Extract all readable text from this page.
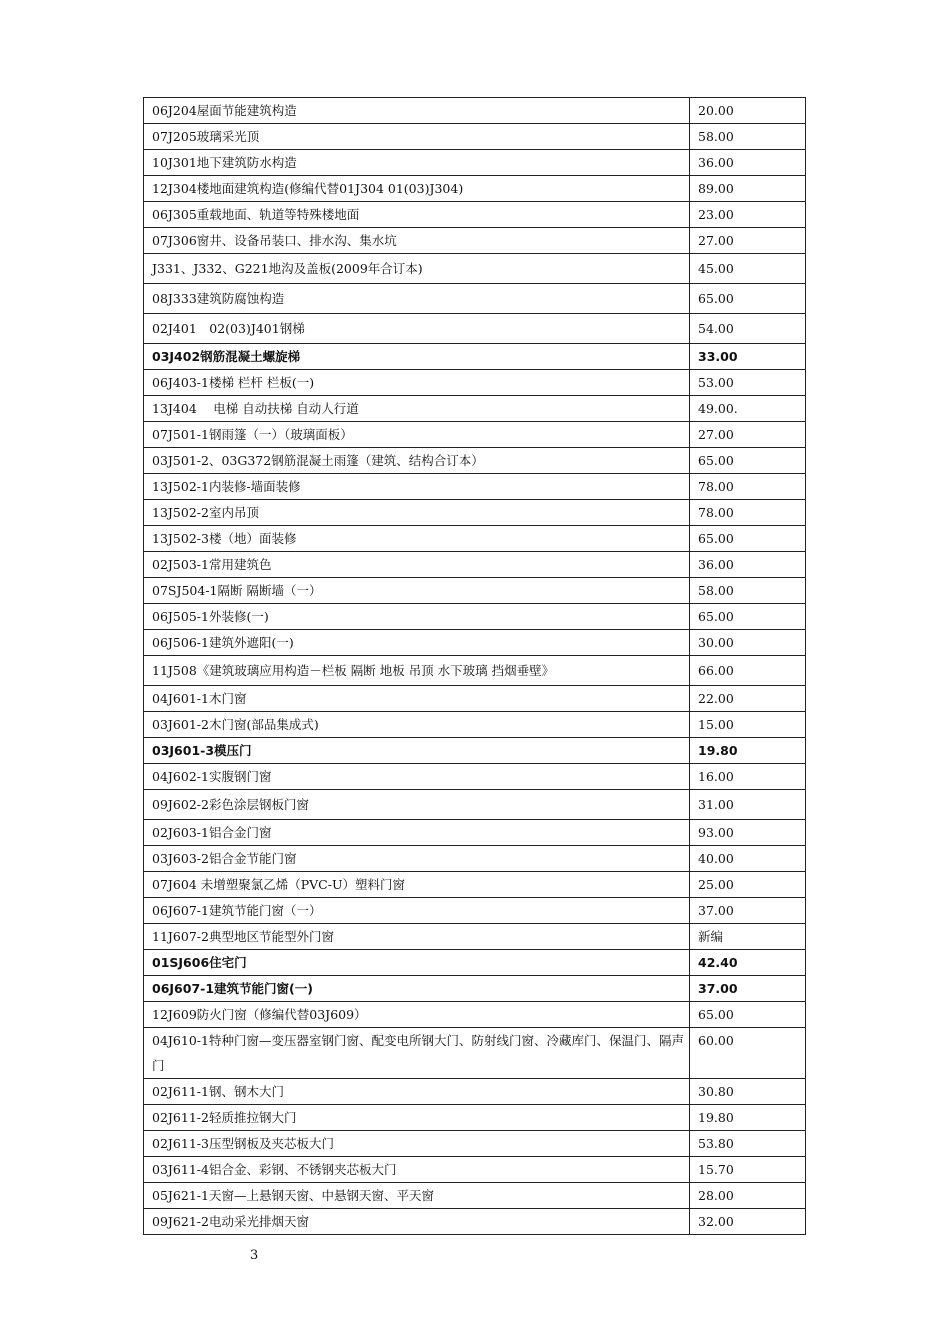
06J204屋面节能建筑构造	20.00
07J205玻璃采光顶	58.00
10J301地下建筑防水构造	36.00
12J304楼地面建筑构造(修编代替01J304 01(03)J304)	89.00
06J305重载地面、轨道等特殊楼地面	23.00
07J306窗井、设备吊装口、排水沟、集水坑	27.00
J331、J332、G221地沟及盖板(2009年合订本)	45.00
08J333建筑防腐蚀构造	65.00
02J401　02(03)J401钢梯	54.00
03J402钢筋混凝土螺旋梯	33.00
06J403-1楼梯 栏杆 栏板(一)	53.00
13J404　 电梯 自动扶梯 自动人行道	49.00.
07J501-1钢雨篷（一）（玻璃面板）	27.00
03J501-2、03G372钢筋混凝土雨篷（建筑、结构合订本）	65.00
13J502-1内装修-墙面装修	78.00
13J502-2室内吊顶	78.00
13J502-3楼（地）面装修	65.00
02J503-1常用建筑色	36.00
07SJ504-1隔断 隔断墙（一）	58.00
06J505-1外装修(一)	65.00
06J506-1建筑外遮阳(一)	30.00
11J508《建筑玻璃应用构造－栏板 隔断 地板 吊顶 水下玻璃 挡烟垂壁》	66.00
04J601-1木门窗	22.00
03J601-2木门窗(部品集成式)	15.00
03J601-3模压门	19.80
04J602-1实腹钢门窗	16.00
09J602-2彩色涂层钢板门窗	31.00
02J603-1铝合金门窗	93.00
03J603-2铝合金节能门窗	40.00
07J604 未增塑聚氯乙烯（PVC-U）塑料门窗	25.00
06J607-1建筑节能门窗（一）	37.00
11J607-2典型地区节能型外门窗	新编
01SJ606住宅门	42.40
06J607-1建筑节能门窗(一)	37.00
12J609防火门窗（修编代替03J609）	65.00
04J610-1特种门窗—变压器室钢门窗、配变电所钢大门、防射线门窗、冷藏库门、保温门、隔声门	60.00
02J611-1钢、钢木大门	30.80
02J611-2轻质推拉钢大门	19.80
02J611-3压型钢板及夹芯板大门	53.80
03J611-4铝合金、彩钢、不锈钢夹芯板大门	15.70
05J621-1天窗—上悬钢天窗、中悬钢天窗、平天窗	28.00
09J621-2电动采光排烟天窗	32.00
3
